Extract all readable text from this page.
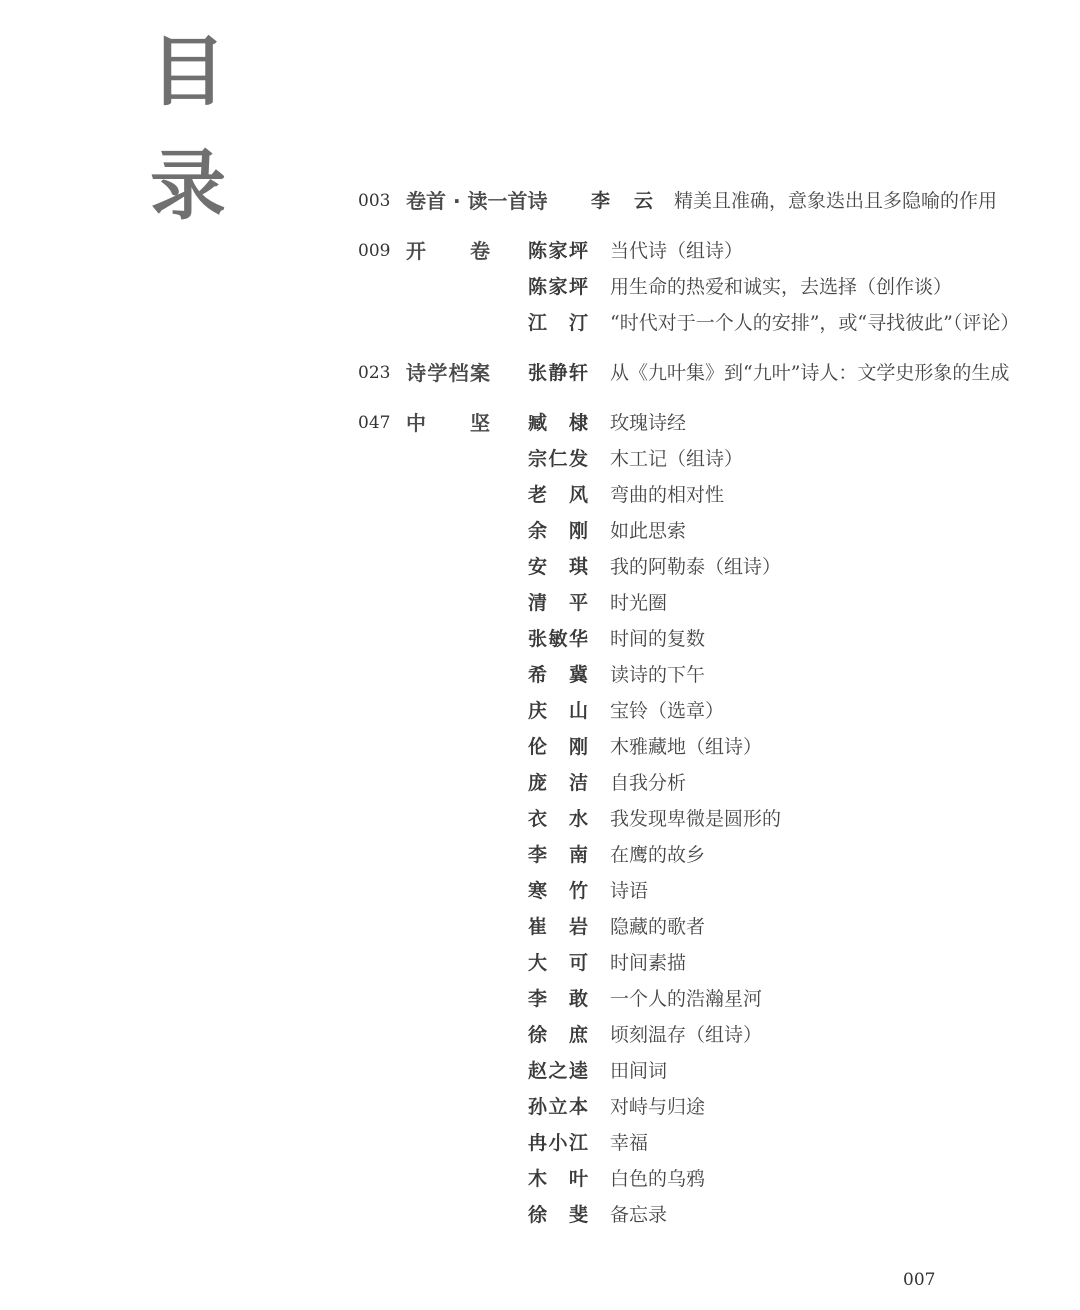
目
录	003 卷首 · 读一首诗 李　云 精美且准确，意象迭出且多隐喻的作用
009 开卷 陈家坪 当代诗（组诗）
陈家坪 用生命的热爱和诚实，去选择（创作谈）
江汀 “时代对于一个人的安排”，或“寻找彼此”（评论）
023 诗学档案 张静轩 从《九叶集》到“九叶”诗人：文学史形象的生成
047 中坚 臧棣 玫瑰诗经
宗仁发 木工记（组诗）
老风 弯曲的相对性
余刚 如此思索
安琪 我的阿勒泰（组诗）
清平 时光圈
张敏华 时间的复数
希冀 读诗的下午
庆山 宝铃（选章）
伦刚 木雅藏地（组诗）
庞洁 自我分析
衣水 我发现卑微是圆形的
李南 在鹰的故乡
寒竹 诗语
崔岩 隐藏的歌者
大可 时间素描
李敢 一个人的浩瀚星河
徐庶 顷刻温存（组诗）
赵之逵 田间词
孙立本 对峙与归途
冉小江 幸福
木叶 白色的乌鸦
徐斐 备忘录
007
